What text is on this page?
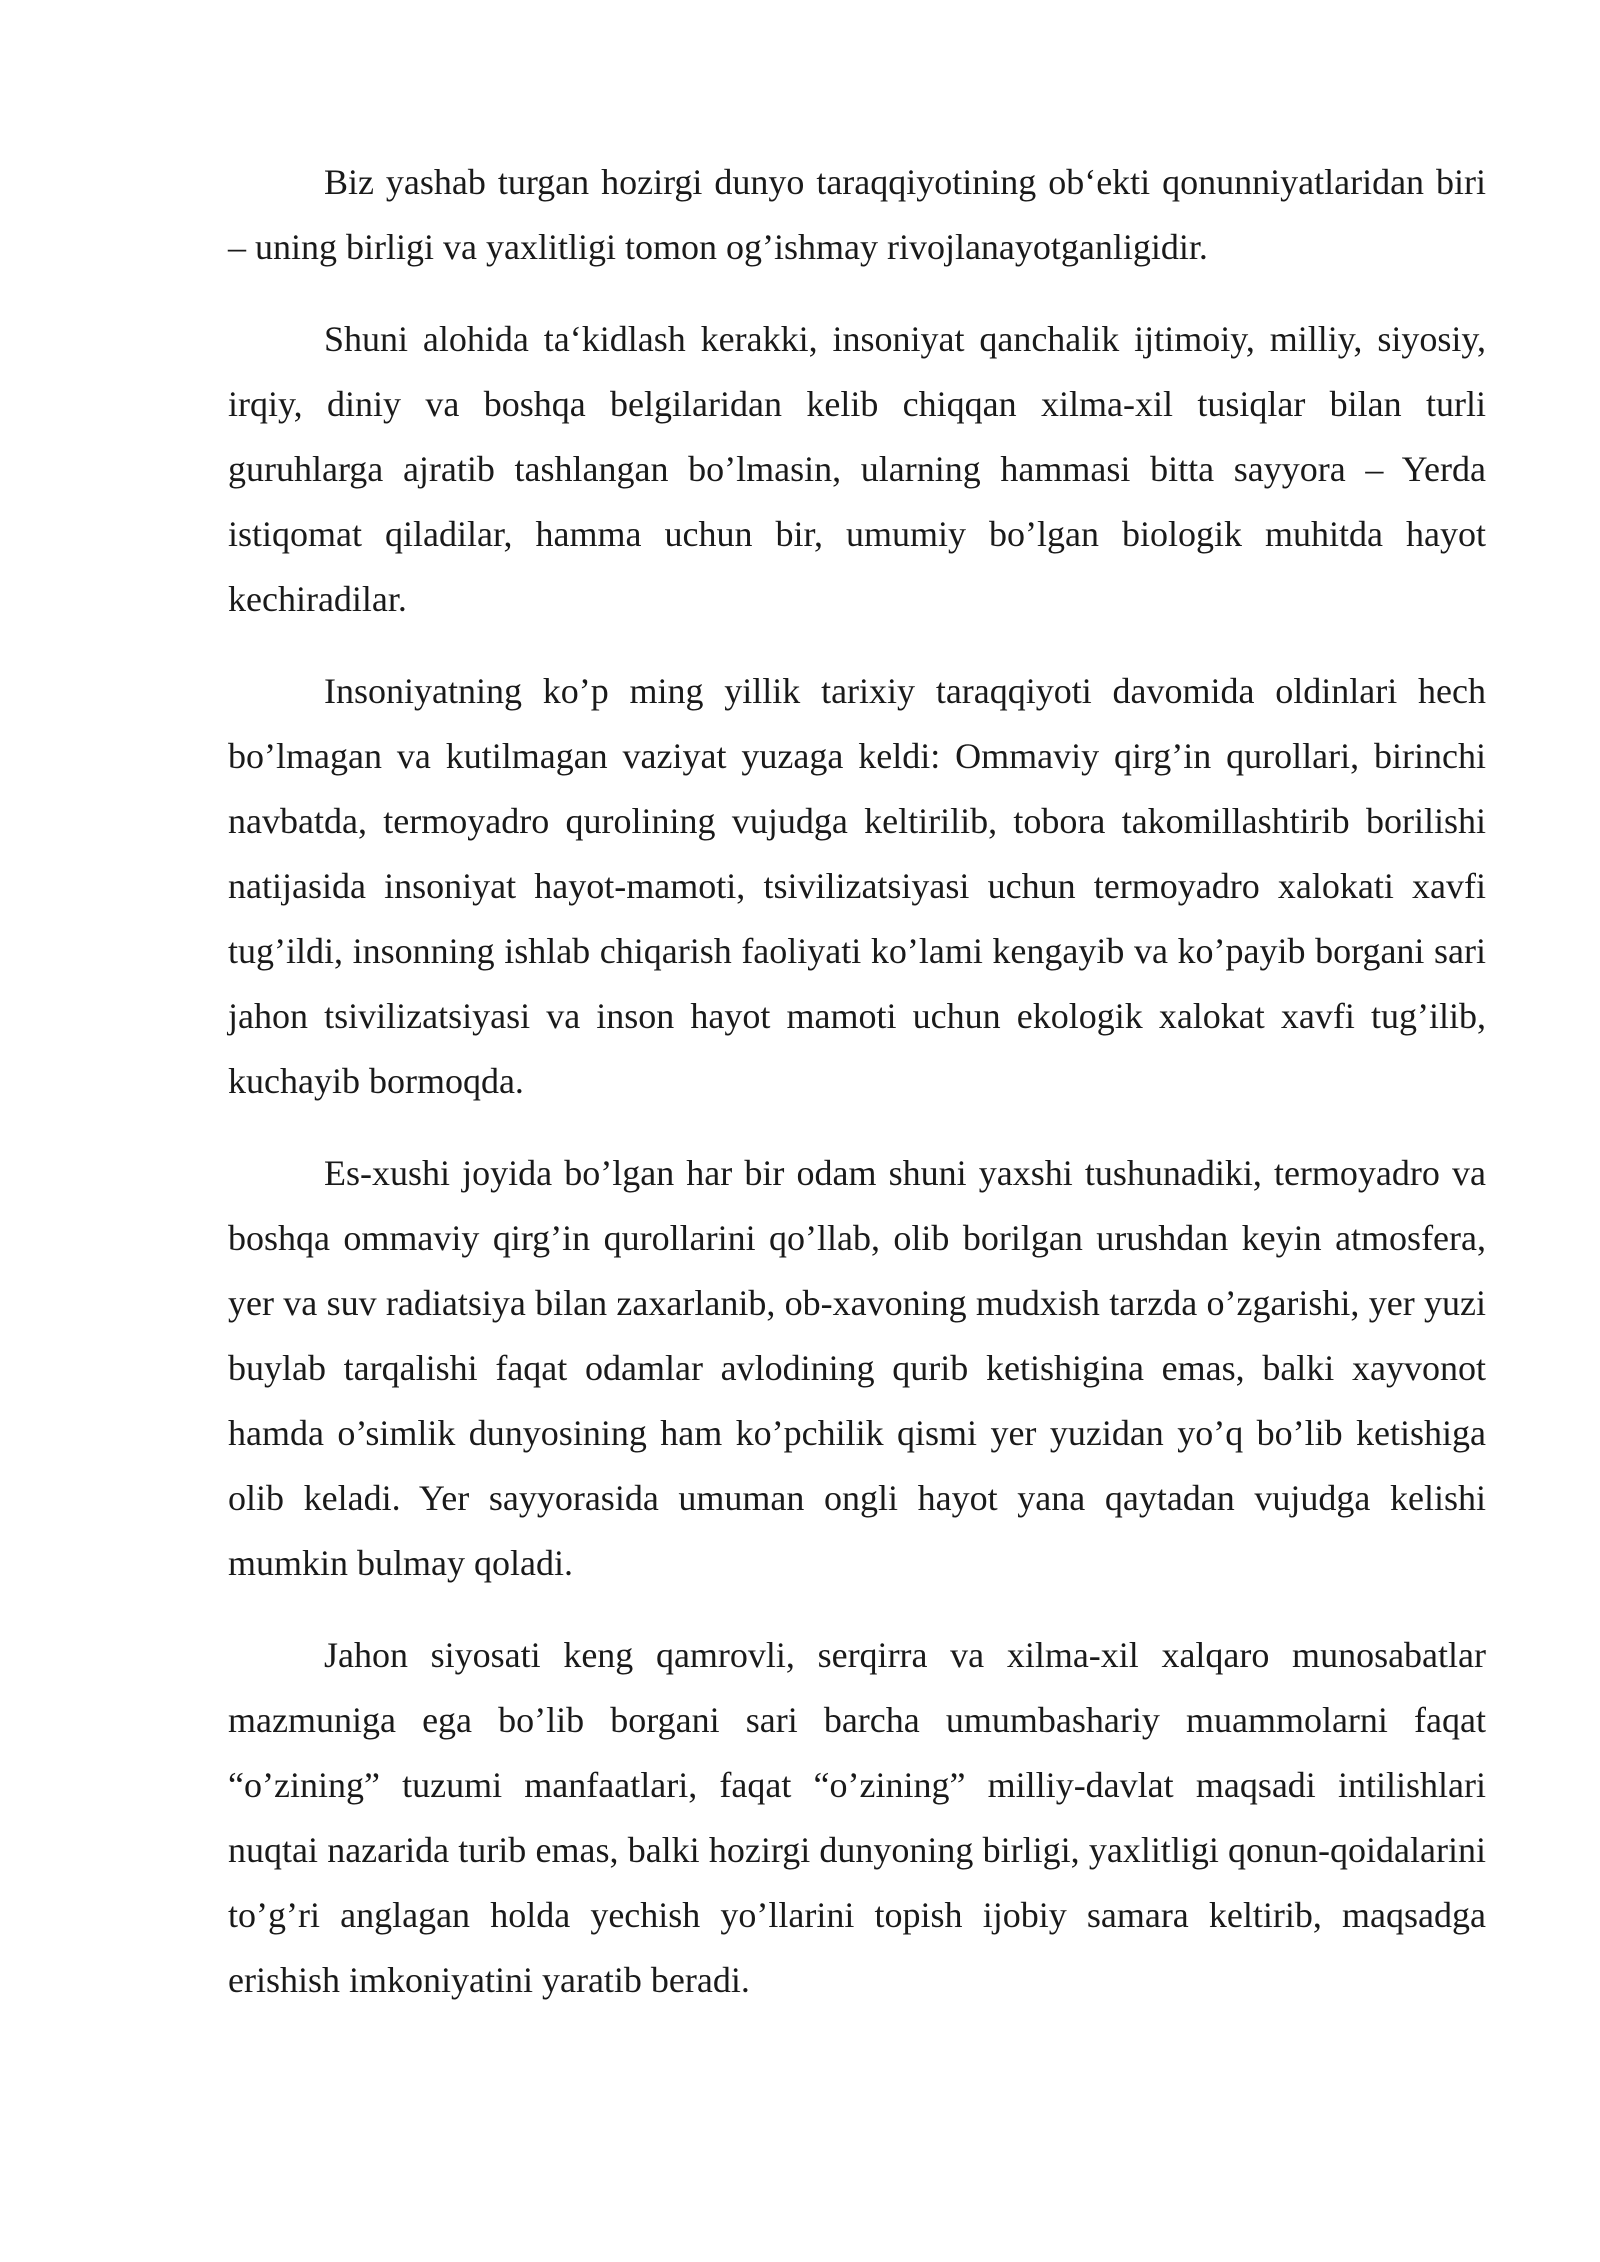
Biz yashab turgan hozirgi dunyo taraqqiyotining ob‘ekti qonunniyatlaridan biri – uning birligi va yaxlitligi tomon og’ishmay rivojlanayotganligidir.

Shuni alohida ta‘kidlash kerakki, insoniyat qanchalik ijtimoiy, milliy, siyosiy, irqiy, diniy va boshqa belgilaridan kelib chiqqan xilma-xil tusiqlar bilan turli guruhlarga ajratib tashlangan bo’lmasin, ularning hammasi bitta sayyora – Yerda istiqomat qiladilar, hamma uchun bir, umumiy bo’lgan biologik muhitda hayot kechiradilar.

Insoniyatning ko’p ming yillik tarixiy taraqqiyoti davomida oldinlari hech bo’lmagan va kutilmagan vaziyat yuzaga keldi: Ommaviy qirg’in qurollari, birinchi navbatda, termoyadro qurolining vujudga keltirilib, tobora takomillashtirib borilishi natijasida insoniyat hayot-mamoti, tsivilizatsiyasi uchun termoyadro xalokati xavfi tug’ildi, insonning ishlab chiqarish faoliyati ko’lami kengayib va ko’payib borgani sari jahon tsivilizatsiyasi va inson hayot mamoti uchun ekologik xalokat xavfi tug’ilib, kuchayib bormoqda.

Es-xushi joyida bo’lgan har bir odam shuni yaxshi tushunadiki, termoyadro va boshqa ommaviy qirg’in qurollarini qo’llab, olib borilgan urushdan keyin atmosfera, yer va suv radiatsiya bilan zaxarlanib, ob-xavoning mudxish tarzda o’zgarishi, yer yuzi buylab tarqalishi faqat odamlar avlodining qurib ketishigina emas, balki xayvonot hamda o’simlik dunyosining ham ko’pchilik qismi yer yuzidan yo’q bo’lib ketishiga olib keladi. Yer sayyorasida umuman ongli hayot yana qaytadan vujudga kelishi mumkin bulmay qoladi.

Jahon siyosati keng qamrovli, serqirra va xilma-xil xalqaro munosabatlar mazmuniga ega bo’lib borgani sari barcha umumbashariy muammolarni faqat “o’zining” tuzumi manfaatlari, faqat “o’zining” milliy-davlat maqsadi intilishlari nuqtai nazarida turib emas, balki hozirgi dunyoning birligi, yaxlitligi qonun-qoidalarini to’g’ri anglagan holda yechish yo’llarini topish ijobiy samara keltirib, maqsadga erishish imkoniyatini yaratib beradi.
